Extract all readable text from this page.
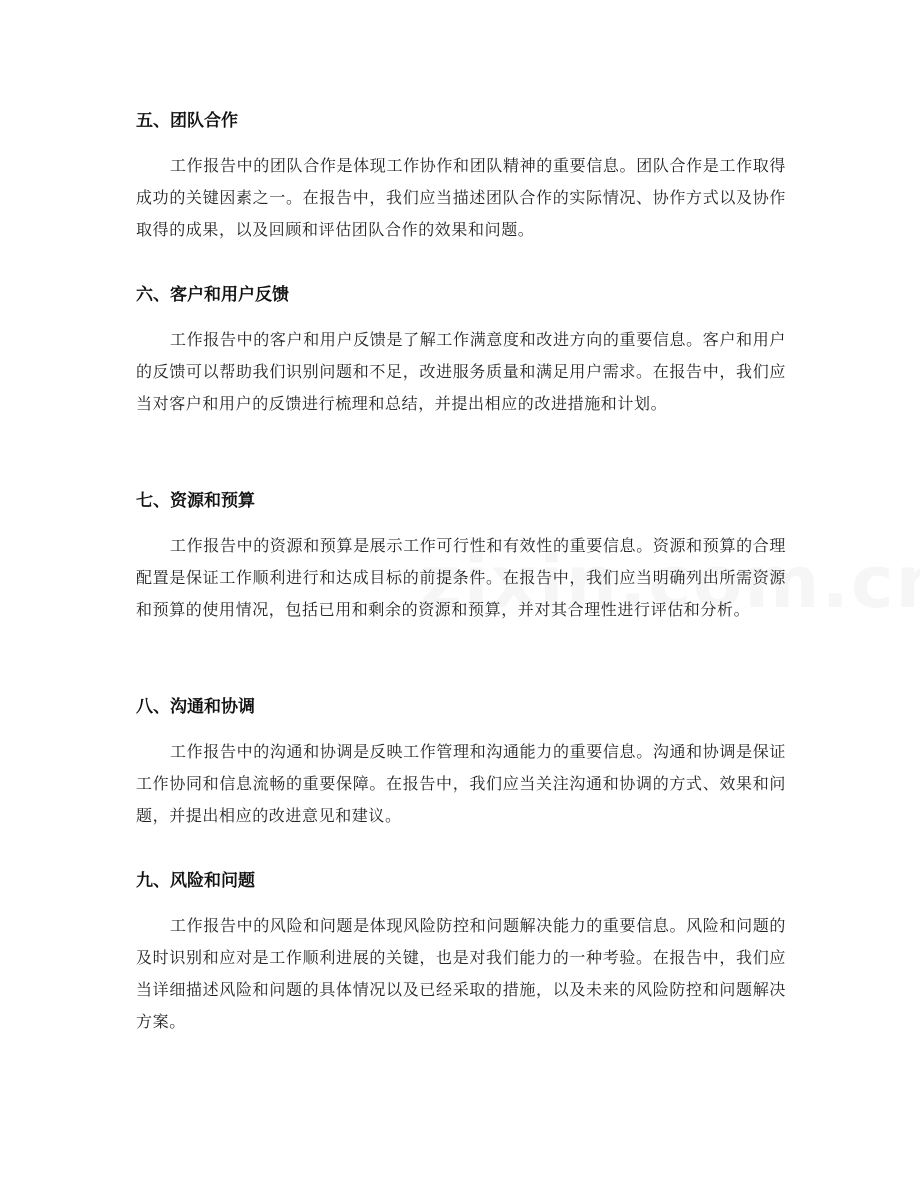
五、团队合作

工作报告中的团队合作是体现工作协作和团队精神的重要信息。团队合作是工作取得成功的关键因素之一。在报告中，我们应当描述团队合作的实际情况、协作方式以及协作取得的成果，以及回顾和评估团队合作的效果和问题。

六、客户和用户反馈

工作报告中的客户和用户反馈是了解工作满意度和改进方向的重要信息。客户和用户的反馈可以帮助我们识别问题和不足，改进服务质量和满足用户需求。在报告中，我们应当对客户和用户的反馈进行梳理和总结，并提出相应的改进措施和计划。

七、资源和预算

工作报告中的资源和预算是展示工作可行性和有效性的重要信息。资源和预算的合理配置是保证工作顺利进行和达成目标的前提条件。在报告中，我们应当明确列出所需资源和预算的使用情况，包括已用和剩余的资源和预算，并对其合理性进行评估和分析。

八、沟通和协调

工作报告中的沟通和协调是反映工作管理和沟通能力的重要信息。沟通和协调是保证工作协同和信息流畅的重要保障。在报告中，我们应当关注沟通和协调的方式、效果和问题，并提出相应的改进意见和建议。

九、风险和问题

工作报告中的风险和问题是体现风险防控和问题解决能力的重要信息。风险和问题的及时识别和应对是工作顺利进展的关键，也是对我们能力的一种考验。在报告中，我们应当详细描述风险和问题的具体情况以及已经采取的措施，以及未来的风险防控和问题解决方案。
